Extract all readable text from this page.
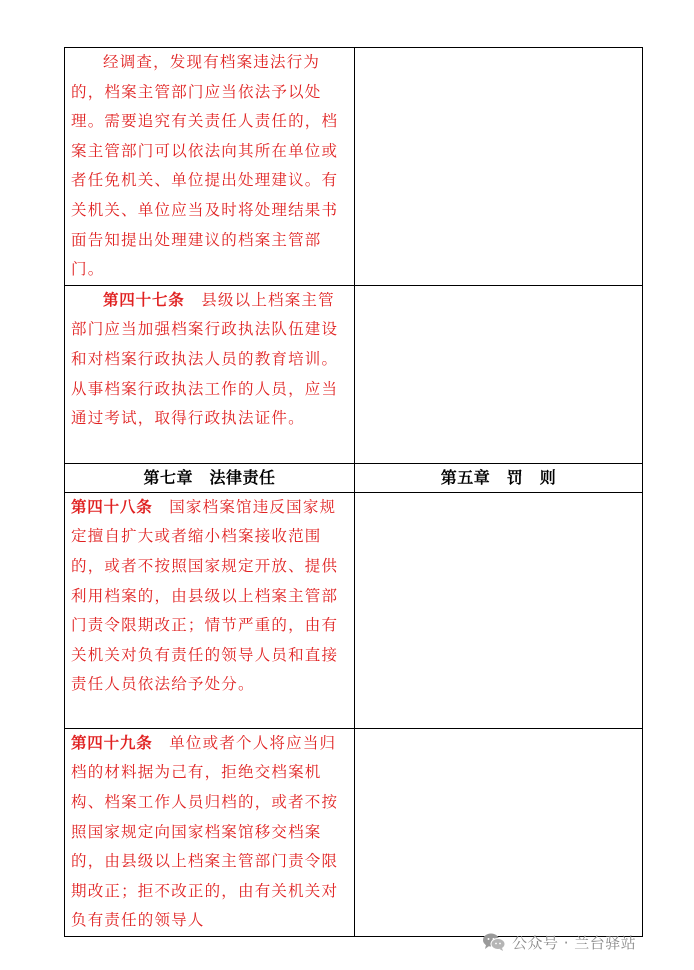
经调查，发现有档案违法行为的，档案主管部门应当依法予以处理。需要追究有关责任人责任的，档案主管部门可以依法向其所在单位或者任免机关、单位提出处理建议。有关机关、单位应当及时将处理结果书面告知提出处理建议的档案主管部门。	
第四十七条　 县级以上档案主管部门应当加强档案行政执法队伍建设和对档案行政执法人员的教育培训。从事档案行政执法工作的人员，应当通过考试，取得行政执法证件。	
第七章　法律责任	第五章　罚　则
第四十八条　 国家档案馆违反国家规定擅自扩大或者缩小档案接收范围的，或者不按照国家规定开放、提供利用档案的，由县级以上档案主管部门责令限期改正；情节严重的，由有关机关对负有责任的领导人员和直接责任人员依法给予处分。	
第四十九条　 单位或者个人将应当归档的材料据为己有，拒绝交档案机构、档案工作人员归档的，或者不按照国家规定向国家档案馆移交档案的，由县级以上档案主管部门责令限期改正；拒不改正的，由有关机关对负有责任的领导人	
公众号 · 兰台驿站
